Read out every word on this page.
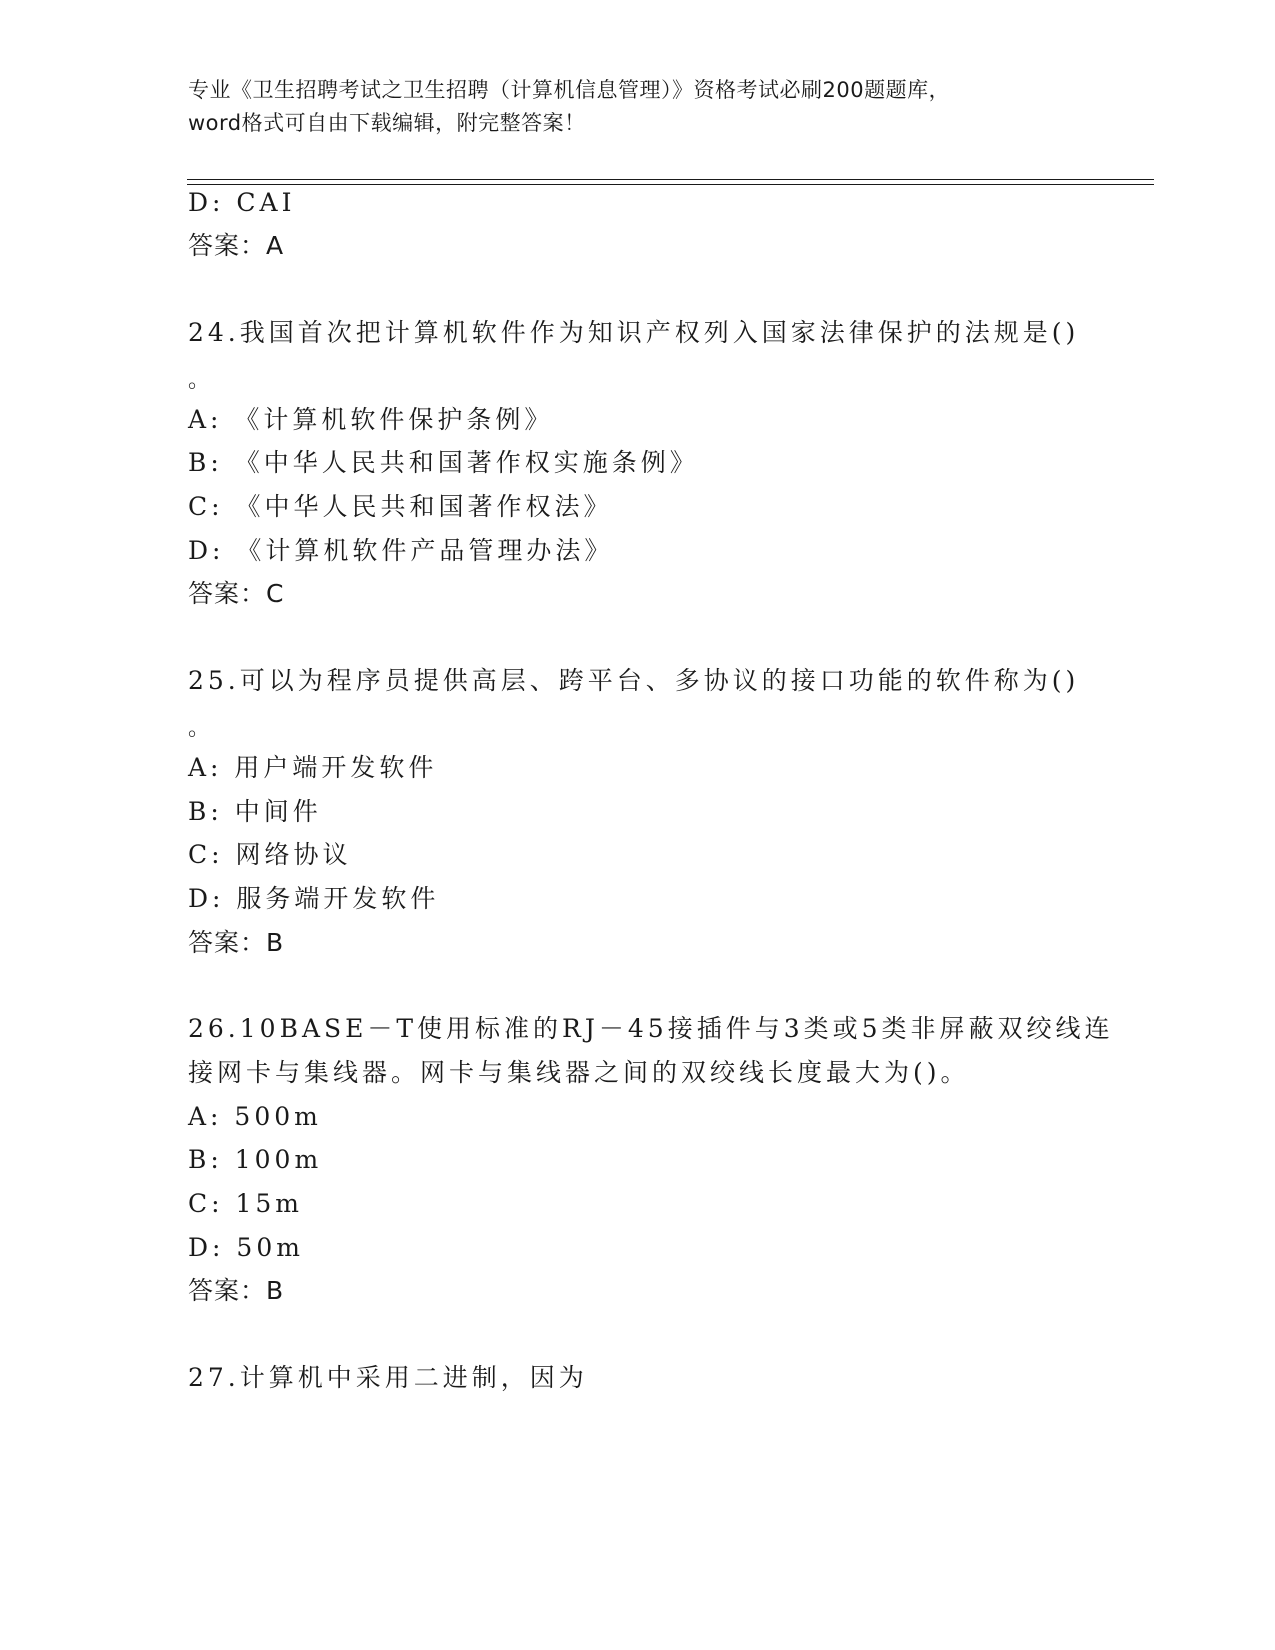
专业《卫生招聘考试之卫生招聘（计算机信息管理）》资格考试必刷200题题库，
word格式可自由下载编辑，附完整答案！
D: CAI
答案：A
24.我国首次把计算机软件作为知识产权列入国家法律保护的法规是()
。
A: 《计算机软件保护条例》
B: 《中华人民共和国著作权实施条例》
C: 《中华人民共和国著作权法》
D: 《计算机软件产品管理办法》
答案：C
25.可以为程序员提供高层、跨平台、多协议的接口功能的软件称为()
。
A: 用户端开发软件
B: 中间件
C: 网络协议
D: 服务端开发软件
答案：B
26.10BASE－T使用标准的RJ－45接插件与3类或5类非屏蔽双绞线连
接网卡与集线器。网卡与集线器之间的双绞线长度最大为()。
A: 500m
B: 100m
C: 15m
D: 50m
答案：B
27.计算机中采用二进制，因为
